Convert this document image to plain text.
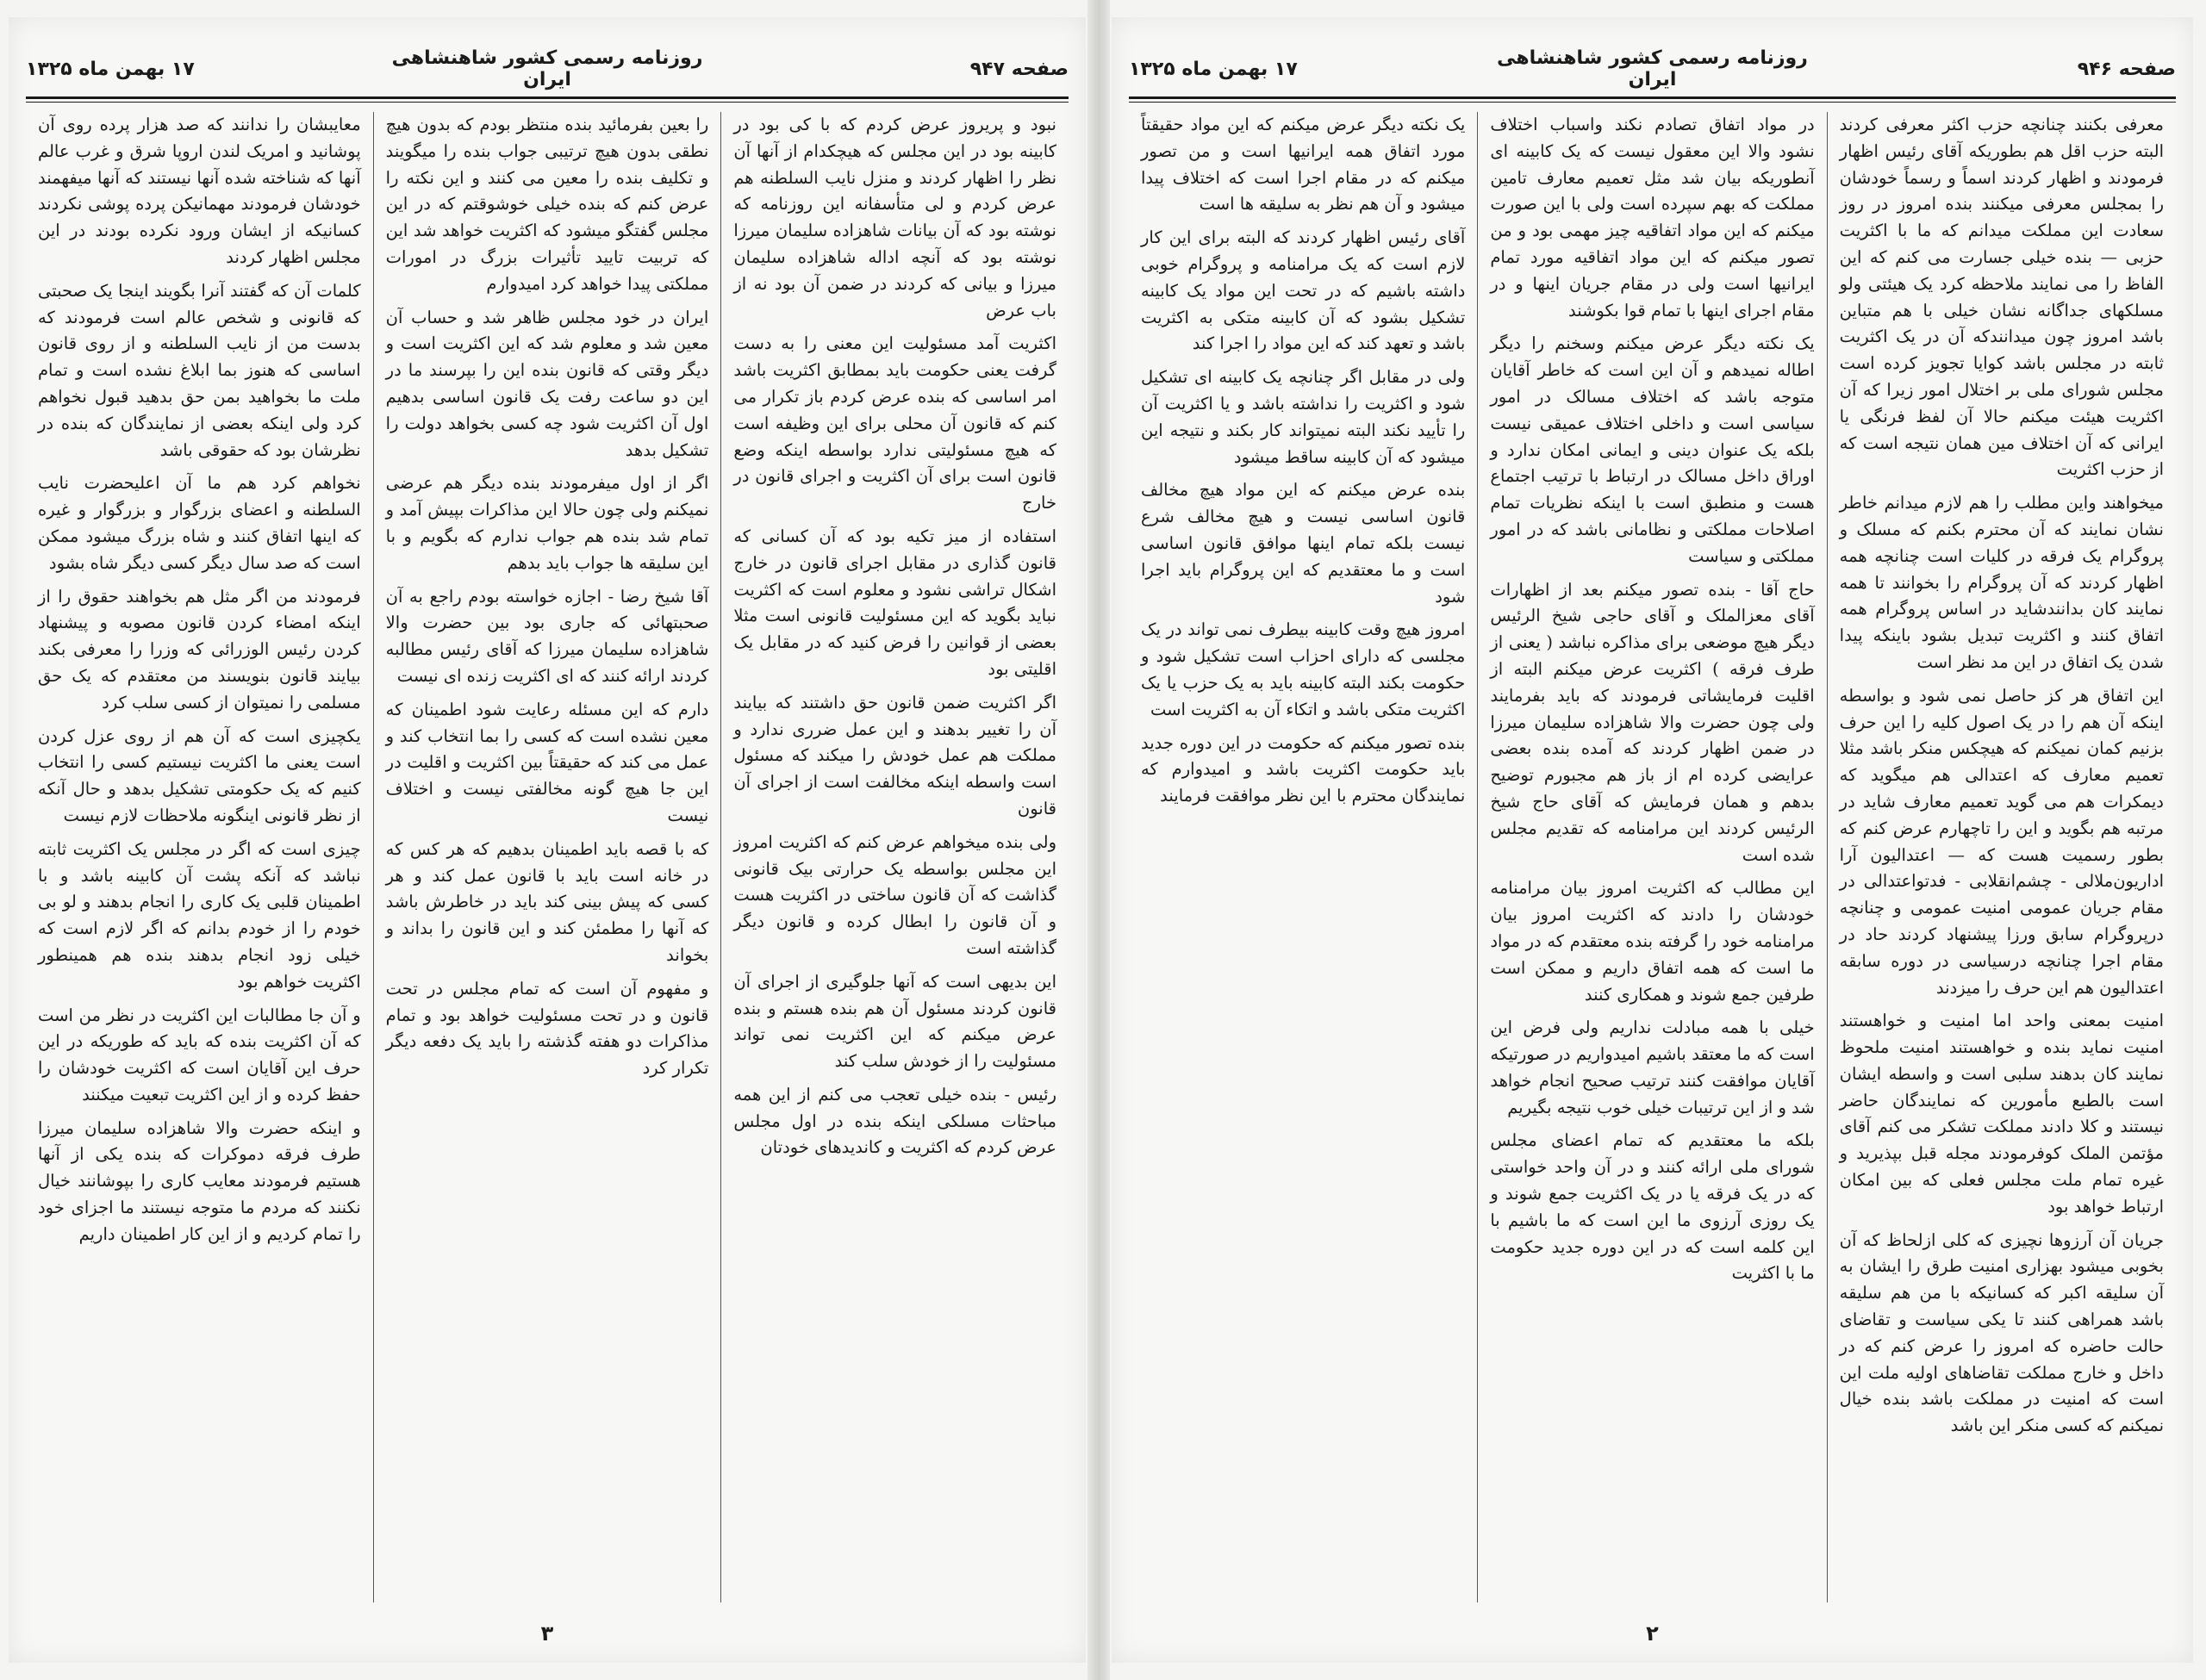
صفحه ۹۴۷
روزنامه رسمی کشور شاهنشاهی ایران
۱۷ بهمن ماه ۱۳۲۵

نبود و پریروز عرض کردم که با کی بود در کابینه بود در این مجلس که هیچکدام از آنها آن نظر را اظهار کردند و منزل نایب السلطنه هم عرض کردم و لی متأسفانه این روزنامه که نوشته بود که آن بیانات شاهزاده سلیمان میرزا نوشته بود که آنچه اداله شاهزاده سلیمان میرزا و بیانی که کردند در ضمن آن بود نه از باب عرض

اکثریت آمد مسئولیت این معنی را به دست گرفت یعنی حکومت باید بمطابق اکثریت باشد امر اساسی که بنده عرض کردم باز تکرار می کنم که قانون آن محلی برای این وظیفه است که هیچ مسئولیتی ندارد بواسطه اینکه وضع قانون است برای آن اکثریت و اجرای قانون در خارج

استفاده از میز تکیه بود که آن کسانی که قانون گذاری در مقابل اجرای قانون در خارج اشکال تراشی نشود و معلوم است که اکثریت نباید بگوید که این مسئولیت قانونی است مثلا بعضی از قوانین را فرض کنید که در مقابل یک اقلیتی بود

اگر اکثریت ضمن قانون حق داشتند که بیایند آن را تغییر بدهند و این عمل ضرری ندارد و مملکت هم عمل خودش را میکند که مسئول است واسطه اینکه مخالفت است از اجرای آن قانون

ولی بنده میخواهم عرض کنم که اکثریت امروز این مجلس بواسطه یک حرارتی بیک قانونی گذاشت که آن قانون ساختی در اکثریت هست و آن قانون را ابطال کرده و قانون دیگر گذاشته است

این بدیهی است که آنها جلوگیری از اجرای آن قانون کردند مسئول آن هم بنده هستم و بنده عرض میکنم که این اکثریت نمی تواند مسئولیت را از خودش سلب کند

رئیس - بنده خیلی تعجب می کنم از این همه مباحثات مسلکی اینکه بنده در اول مجلس عرض کردم که اکثریت و کاندیدهای خودتان

را بعین بفرمائید بنده منتظر بودم که بدون هیچ نطقی بدون هیچ ترتیبی جواب بنده را میگویند و تکلیف بنده را معین می کنند و این نکته را عرض کنم که بنده خیلی خوشوقتم که در این مجلس گفتگو میشود که اکثریت خواهد شد این که تربیت تایید تأثیرات بزرگ در امورات مملکتی پیدا خواهد کرد امیدوارم

ایران در خود مجلس ظاهر شد و حساب آن معین شد و معلوم شد که این اکثریت است و دیگر وقتی که قانون بنده این را بپرسند ما در این دو ساعت رفت یک قانون اساسی بدهیم اول آن اکثریت شود چه کسی بخواهد دولت را تشکیل بدهد

اگر از اول میفرمودند بنده دیگر هم عرضی نمیکنم ولی چون حالا این مذاکرات بپیش آمد و تمام شد بنده هم جواب ندارم که بگویم و با این سلیقه ها جواب باید بدهم

آقا شیخ رضا - اجازه خواسته بودم راجع به آن صحبتهائی که جاری بود بین حضرت والا شاهزاده سلیمان میرزا که آقای رئیس مطالبه کردند ارائه کنند که ای اکثریت زنده ای نیست

دارم که این مسئله رعایت شود اطمینان که معین نشده است که کسی را بما انتخاب کند و عمل می کند که حقیقتاً بین اکثریت و اقلیت در این جا هیچ گونه مخالفتی نیست و اختلاف نیست

که با قصه باید اطمینان بدهیم که هر کس که در خانه است باید با قانون عمل کند و هر کسی که پیش بینی کند باید در خاطرش باشد که آنها را مطمئن کند و این قانون را بداند و بخواند

و مفهوم آن است که تمام مجلس در تحت قانون و در تحت مسئولیت خواهد بود و تمام مذاکرات دو هفته گذشته را باید یک دفعه دیگر تکرار کرد

معایبشان را ندانند که صد هزار پرده روی آن پوشانید و امریک لندن اروپا شرق و غرب عالم آنها که شناخته شده آنها نیستند که آنها میفهمند خودشان فرمودند مهمانیکن پرده پوشی نکردند کسانیکه از ایشان ورود نکرده بودند در این مجلس اظهار کردند

کلمات آن که گفتند آنرا بگویند اینجا یک صحبتی که قانونی و شخص عالم است فرمودند که بدست من از نایب السلطنه و از روی قانون اساسی که هنوز بما ابلاغ نشده است و تمام ملت ما بخواهید بمن حق بدهید قبول نخواهم کرد ولی اینکه بعضی از نمایندگان که بنده در نظرشان بود که حقوقی باشد

نخواهم کرد هم ما آن اعلیحضرت نایب السلطنه و اعضای بزرگوار و بزرگوار و غیره که اینها اتفاق کنند و شاه بزرگ میشود ممکن است که صد سال دیگر کسی دیگر شاه بشود

فرمودند من اگر مثل هم بخواهند حقوق را از اینکه امضاء کردن قانون مصوبه و پیشنهاد کردن رئیس الوزرائی که وزرا را معرفی بکند بیایند قانون بنویسند من معتقدم که یک حق مسلمی را نمیتوان از کسی سلب کرد

یکچیزی است که آن هم از روی عزل کردن است یعنی ما اکثریت نیستیم کسی را انتخاب کنیم که یک حکومتی تشکیل بدهد و حال آنکه از نظر قانونی اینگونه ملاحظات لازم نیست

چیزی است که اگر در مجلس یک اکثریت ثابته نباشد که آنکه پشت آن کابینه باشد و با اطمینان قلبی یک کاری را انجام بدهند و لو بی خودم را از خودم بدانم که اگر لازم است که خیلی زود انجام بدهند بنده هم همینطور اکثریت خواهم بود

و آن جا مطالبات این اکثریت در نظر من است که آن اکثریت بنده که باید که طوریکه در این حرف این آقایان است که اکثریت خودشان را حفظ کرده و از این اکثریت تبعیت میکنند

و اینکه حضرت والا شاهزاده سلیمان میرزا طرف فرقه دموکرات که بنده یکی از آنها هستیم فرمودند معایب کاری را بپوشانند خیال نکنند که مردم ما متوجه نیستند ما اجزای خود را تمام کردیم و از این کار اطمینان داریم

۳
صفحه ۹۴۶
روزنامه رسمی کشور شاهنشاهی ایران
۱۷ بهمن ماه ۱۳۲۵

معرفی بکنند چنانچه حزب اکثر معرفی کردند البته حزب اقل هم بطوریکه آقای رئیس اظهار فرمودند و اظهار کردند اسماً و رسماً خودشان را بمجلس معرفی میکنند بنده امروز در روز سعادت این مملکت میدانم که ما با اکثریت حزبی — بنده خیلی جسارت می کنم که این الفاظ را می نمایند ملاحظه کرد یک هیئتی ولو مسلکهای جداگانه نشان خیلی با هم متباین باشد امروز چون میدانندکه آن در یک اکثریت ثابته در مجلس باشد کوایا تجویز کرده است مجلس شورای ملی بر اختلال امور زیرا که آن اکثریت هیئت میکنم حالا آن لفظ فرنگی یا ایرانی که آن اختلاف مین همان نتیجه است که از حزب اکثریت

میخواهند واین مطلب را هم لازم میدانم خاطر نشان نمایند که آن محترم بکنم که مسلک و پروگرام یک فرقه در کلیات است چنانچه همه اظهار کردند که آن پروگرام را بخوانند تا همه نمایند کان بدانندشاید در اساس پروگرام همه اتفاق کنند و اکثریت تبدیل بشود باینکه پیدا شدن یک اتفاق در این مد نظر است

این اتفاق هر کز حاصل نمی شود و بواسطه اینکه آن هم را در یک اصول کلیه را این حرف بزنیم کمان نمیکنم که هیچکس منکر باشد مثلا تعمیم معارف که اعتدالی هم میگوید که دیمکرات هم می گوید تعمیم معارف شاید در مرتبه هم بگوید و این را تاچهارم عرض کنم که بطور رسمیت هست که — اعتدالیون آرا اداریون‌ملالی - چشم‌انقلابی - فدتوا‌عتدالی در مقام جریان عمومی امنیت عمومی و چنانچه درپروگرام سابق ورزا پیشنهاد کردند حاد در مقام اجرا چنانچه درسیاسی در دوره سابقه اعتدالیون هم این حرف را میزدند

امنیت بمعنی واحد اما امنیت و خواهستند امنیت نماید بنده و خواهستند امنیت ملحوظ نمایند کان بدهند سلبی است و واسطه ایشان است بالطبع مأمورین که نمایندگان حاضر نیستند و کلا دادند مملکت تشکر می کنم آقای مؤتمن الملک کوفرمودند مجله قبل بپذیرید و غیره تمام ملت مجلس فعلی که بین امکان ارتباط خواهد بود

جریان آن آرزوها نچیزی که کلی ازلحاظ که آن بخوبی میشود بهزاری امنیت طرق را ایشان به آن سلیقه اکبر که کسانیکه با من هم سلیقه باشد همراهی کنند تا یکی سیاست و تقاضای حالت حاضره که امروز را عرض کنم که در داخل و خارج مملکت تقاضاهای اولیه ملت این است که امنیت در مملکت باشد بنده خیال نمیکنم که کسی منکر این باشد

در مواد اتفاق تصادم نکند واسباب اختلاف نشود والا این معقول نیست که یک کابینه ای آنطوریکه بیان شد مثل تعمیم معارف تامین مملکت که بهم سپرده است ولی با این صورت میکنم که این مواد اتفاقیه چیز مهمی بود و من تصور میکنم که این مواد اتفاقیه مورد تمام ایرانیها است ولی در مقام جریان اینها و در مقام اجرای اینها با تمام قوا بکوشند

یک نکته دیگر عرض میکنم وسخنم را دیگر اطاله نمیدهم و آن این است که خاطر آقایان متوجه باشد که اختلاف مسالک در امور سیاسی است و داخلی اختلاف عمیقی نیست بلکه یک عنوان دینی و ایمانی امکان ندارد و اوراق داخل مسالک در ارتباط با ترتیب اجتماع هست و منطبق است با اینکه نظریات تمام اصلاحات مملکتی و نظامانی باشد که در امور مملکتی و سیاست

حاج آقا - بنده تصور میکنم بعد از اظهارات آقای معزالملک و آقای حاجی شیخ الرئیس دیگر هیچ موضعی برای مذاکره نباشد ( یعنی از طرف فرقه ) اکثریت عرض میکنم البته از اقلیت فرمایشاتی فرمودند که باید بفرمایند ولی چون حضرت والا شاهزاده سلیمان میرزا در ضمن اظهار کردند که آمده بنده بعضی عرایضی کرده ام از باز هم مجبورم توضیح بدهم و همان فرمایش که آقای حاج شیخ الرئیس کردند این مرامنامه که تقدیم مجلس شده است

این مطالب که اکثریت امروز بیان مرامنامه خودشان را دادند که اکثریت امروز بیان مرامنامه خود را گرفته بنده معتقدم که در مواد ما است که همه اتفاق داریم و ممکن است طرفین جمع شوند و همکاری کنند

خیلی با همه مبادلت نداریم ولی فرض این است که ما معتقد باشیم امیدواریم در صورتیکه آقایان موافقت کنند ترتیب صحیح انجام خواهد شد و از این ترتیبات خیلی خوب نتیجه بگیریم

بلکه ما معتقدیم که تمام اعضای مجلس شورای ملی ارائه کنند و در آن واحد خواستی که در یک فرقه یا در یک اکثریت جمع شوند و یک روزی آرزوی ما این است که ما باشیم با این کلمه است که در این دوره جدید حکومت ما با اکثریت

یک نکته دیگر عرض میکنم که این مواد حقیقتاً مورد اتفاق همه ایرانیها است و من تصور میکنم که در مقام اجرا است که اختلاف پیدا میشود و آن هم نظر به سلیقه ها است

آقای رئیس اظهار کردند که البته برای این کار لازم است که یک مرامنامه و پروگرام خوبی داشته باشیم که در تحت این مواد یک کابینه تشکیل بشود که آن کابینه متکی به اکثریت باشد و تعهد کند که این مواد را اجرا کند

ولی در مقابل اگر چنانچه یک کابینه ای تشکیل شود و اکثریت را نداشته باشد و یا اکثریت آن را تأیید نکند البته نمیتواند کار بکند و نتیجه این میشود که آن کابینه ساقط میشود

بنده عرض میکنم که این مواد هیچ مخالف قانون اساسی نیست و هیچ مخالف شرع نیست بلکه تمام اینها موافق قانون اساسی است و ما معتقدیم که این پروگرام باید اجرا شود

امروز هیچ وقت کابینه بیطرف نمی تواند در یک مجلسی که دارای احزاب است تشکیل شود و حکومت بکند البته کابینه باید به یک حزب یا یک اکثریت متکی باشد و اتکاء آن به اکثریت است

بنده تصور میکنم که حکومت در این دوره جدید باید حکومت اکثریت باشد و امیدوارم که نمایندگان محترم با این نظر موافقت فرمایند

۲
